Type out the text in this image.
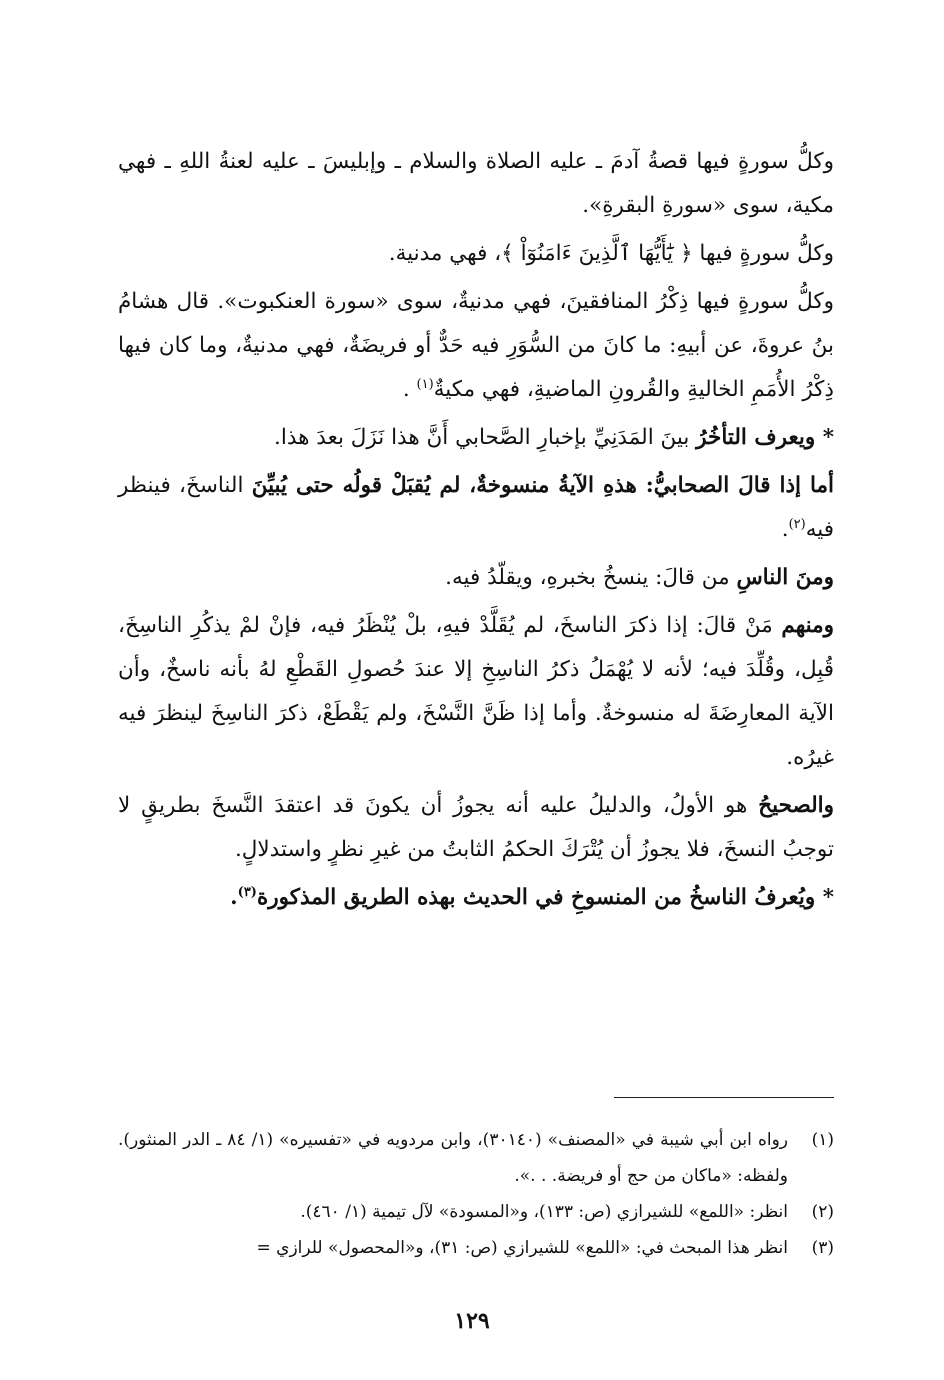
وكلُّ سورةٍ فيها قصةُ آدمَ ـ عليه الصلاة والسلام ـ وإبليسَ ـ عليه لعنةُ اللهِ ـ فهي مكية، سوى «سورةِ البقرةِ».

وكلُّ سورةٍ فيها ﴿ يَٰٓأَيُّهَا ٱلَّذِينَ ءَامَنُوٓاْ ﴾، فهي مدنية.

وكلُّ سورةٍ فيها ذِكْرُ المنافقينَ، فهي مدنيةٌ، سوى «سورة العنكبوت». قال هشامُ بنُ عروةَ، عن أبيهِ: ما كانَ من السُّوَرِ فيه حَدٌّ أو فريضَةٌ، فهي مدنيةٌ، وما كان فيها ذِكْرُ الأُمَمِ الخاليةِ والقُرونِ الماضيةِ، فهي مكيةٌ$^{(١)}$ .

* ويعرف التأخُرُ بينَ المَدَنِيِّ بإخبارِ الصَّحابي أَنَّ هذا نَزَلَ بعدَ هذا.

أما إذا قالَ الصحابيُّ: هذهِ الآيةُ منسوخةٌ، لم يُقبَلْ قولُه حتى يُبيِّنَ الناسخَ، فينظر فيه$^{(٢)}$.

ومنَ الناسِ من قالَ: ينسخُ بخبرهِ، ويقلّدُ فيه.

ومنهم مَنْ قالَ: إذا ذكرَ الناسخَ، لم يُقَلَّدْ فيهِ، بلْ يُنْظَرُ فيه، فإنْ لمْ يذكُرِ الناسِخَ، قُبِل، وقُلِّدَ فيه؛ لأنه لا يُهْمَلُ ذكرُ الناسِخِ إلا عندَ حُصولِ القَطْعِ لهُ بأنه ناسخٌ، وأن الآية المعارِضَةَ له منسوخةٌ. وأما إذا ظَنَّ النَّسْخَ، ولم يَقْطَعْ، ذكرَ الناسِخَ لينظرَ فيه غيرُه.

والصحيحُ هو الأولُ، والدليلُ عليه أنه يجوزُ أن يكونَ قد اعتقدَ النَّسخَ بطريقٍ لا توجبُ النسخَ، فلا يجوزُ أن يُتْرَكَ الحكمُ الثابتُ من غيرِ نظرٍ واستدلالٍ.

* ويُعرفُ الناسخُ من المنسوخِ في الحديث بهذه الطريق المذكورة$^{(٣)}$.

(١)
رواه ابن أبي شيبة في «المصنف» (٣٠١٤٠)، وابن مردويه في «تفسيره» (١/ ٨٤ ـ الدر المنثور). ولفظه: «ماكان من حج أو فريضة. . .».
(٢)
انظر: «اللمع» للشيرازي (ص: ١٣٣)، و«المسودة» لآل تيمية (١/ ٤٦٠).
(٣)
انظر هذا المبحث في: «اللمع» للشيرازي (ص: ٣١)، و«المحصول» للرازي =
١٢٩
